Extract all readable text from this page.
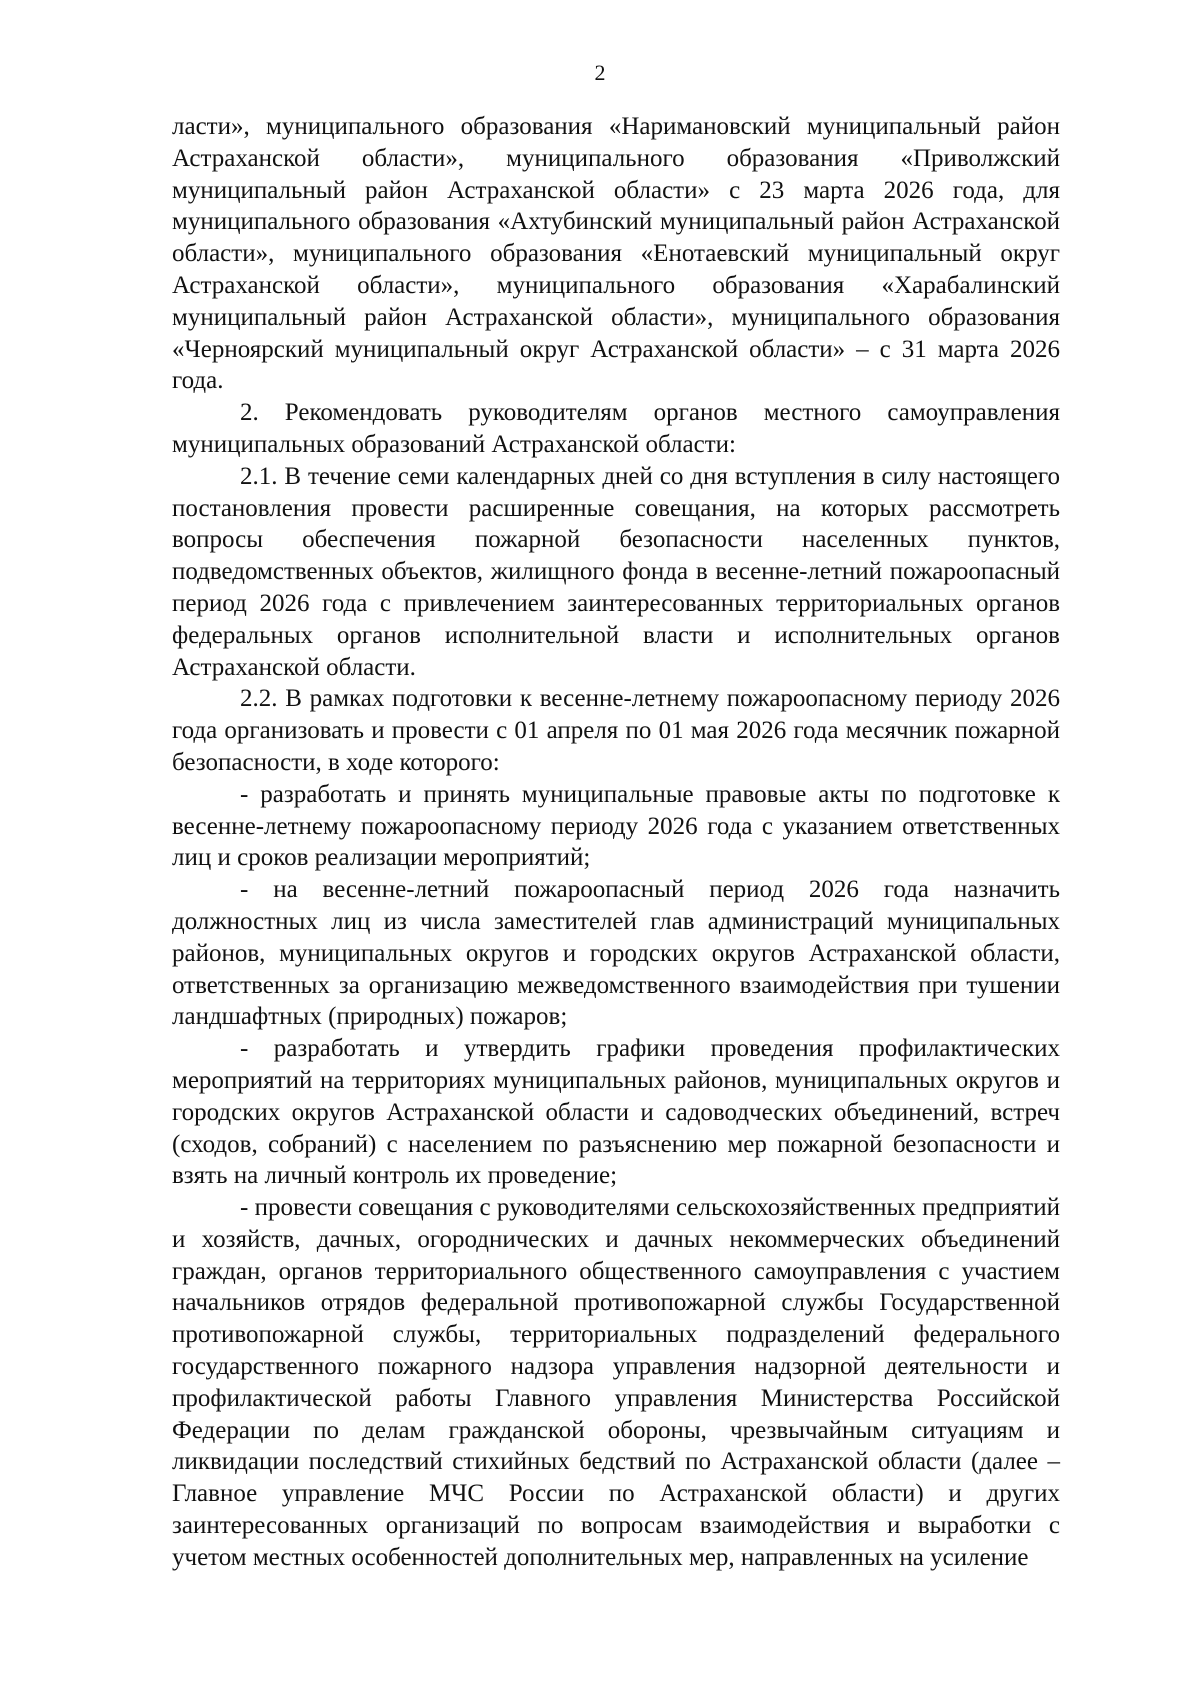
2

ласти», муниципального образования «Наримановский муниципальный район Астраханской области», муниципального образования «Приволжский муниципальный район Астраханской области» с 23 марта 2026 года, для муниципального образования «Ахтубинский муниципальный район Астраханской области», муниципального образования «Енотаевский муниципальный округ Астраханской области», муниципального образования «Харабалинский муниципальный район Астраханской области», муниципального образования «Черноярский муниципальный округ Астраханской области» – с 31 марта 2026 года.

2. Рекомендовать руководителям органов местного самоуправления муниципальных образований Астраханской области:

2.1. В течение семи календарных дней со дня вступления в силу настоящего постановления провести расширенные совещания, на которых рассмотреть вопросы обеспечения пожарной безопасности населенных пунктов, подведомственных объектов, жилищного фонда в весенне-летний пожароопасный период 2026 года с привлечением заинтересованных территориальных органов федеральных органов исполнительной власти и исполнительных органов Астраханской области.

2.2. В рамках подготовки к весенне-летнему пожароопасному периоду 2026 года организовать и провести с 01 апреля по 01 мая 2026 года месячник пожарной безопасности, в ходе которого:

- разработать и принять муниципальные правовые акты по подготовке к весенне-летнему пожароопасному периоду 2026 года с указанием ответственных лиц и сроков реализации мероприятий;

- на весенне-летний пожароопасный период 2026 года назначить должностных лиц из числа заместителей глав администраций муниципальных районов, муниципальных округов и городских округов Астраханской области, ответственных за организацию межведомственного взаимодействия при тушении ландшафтных (природных) пожаров;

- разработать и утвердить графики проведения профилактических мероприятий на территориях муниципальных районов, муниципальных округов и городских округов Астраханской области и садоводческих объединений, встреч (сходов, собраний) с населением по разъяснению мер пожарной безопасности и взять на личный контроль их проведение;

- провести совещания с руководителями сельскохозяйственных предприятий и хозяйств, дачных, огороднических и дачных некоммерческих объединений граждан, органов территориального общественного самоуправления с участием начальников отрядов федеральной противопожарной службы Государственной противопожарной службы, территориальных подразделений федерального государственного пожарного надзора управления надзорной деятельности и профилактической работы Главного управления Министерства Российской Федерации по делам гражданской обороны, чрезвычайным ситуациям и ликвидации последствий стихийных бедствий по Астраханской области (далее – Главное управление МЧС России по Астраханской области) и других заинтересованных организаций по вопросам взаимодействия и выработки с учетом местных особенностей дополнительных мер, направленных на усиление
